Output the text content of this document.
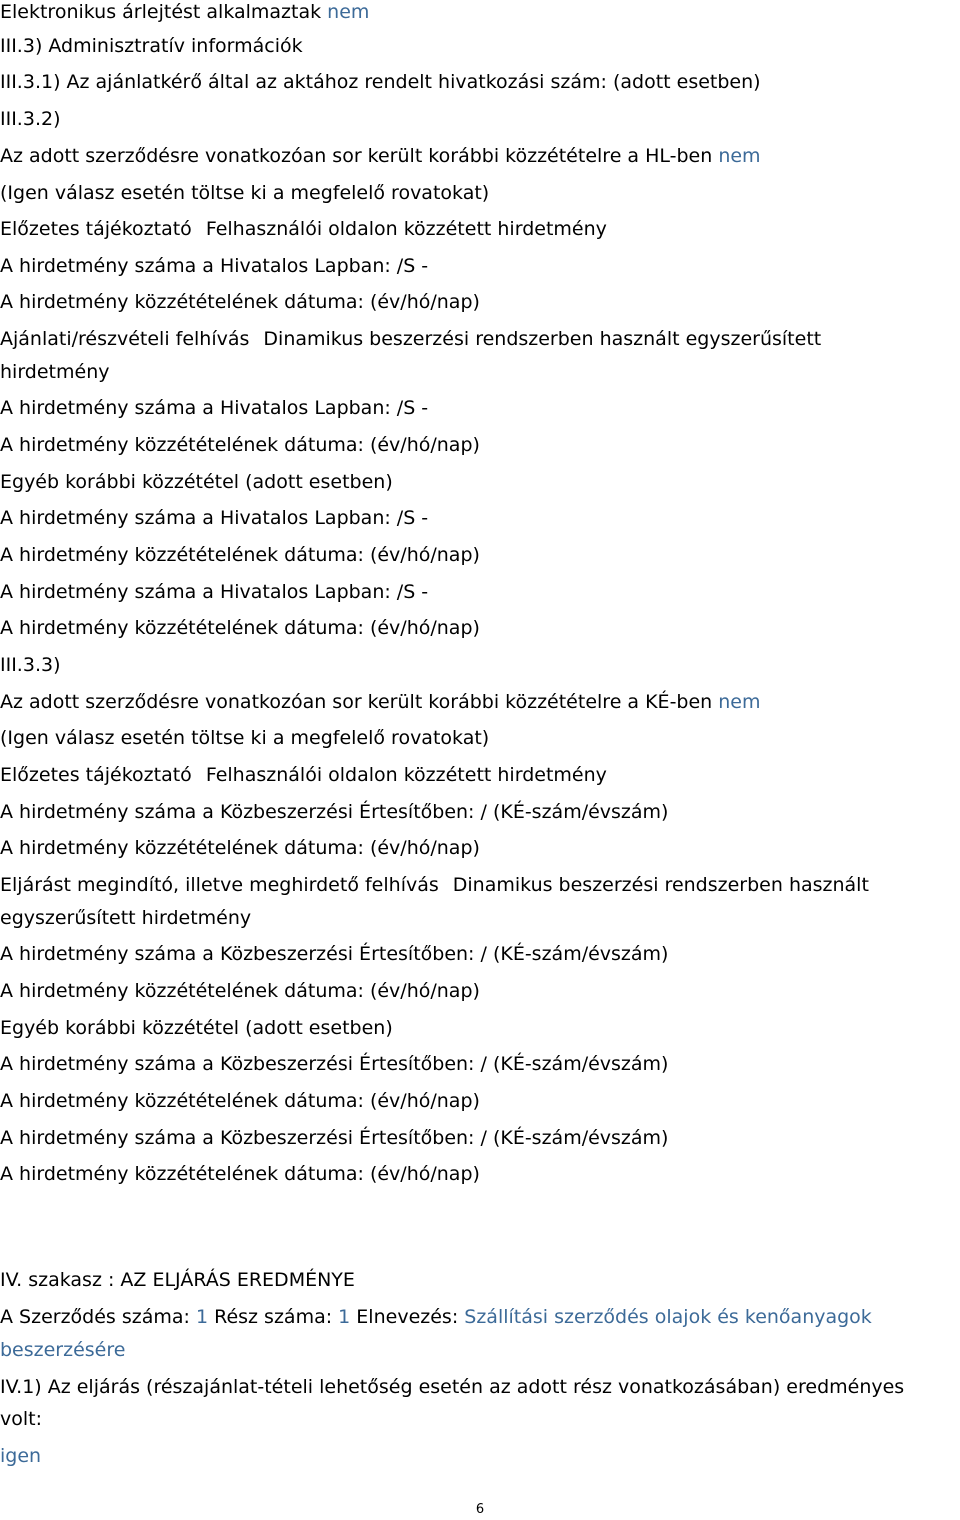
Elektronikus árlejtést alkalmaztak nem

III.3) Adminisztratív információk

III.3.1) Az ajánlatkérő által az aktához rendelt hivatkozási szám: (adott esetben)

III.3.2)

Az adott szerződésre vonatkozóan sor került korábbi közzétételre a HL-ben nem

(Igen válasz esetén töltse ki a megfelelő rovatokat)

Előzetes tájékoztató Felhasználói oldalon közzétett hirdetmény

A hirdetmény száma a Hivatalos Lapban: /S -

A hirdetmény közzétételének dátuma: (év/hó/nap)

Ajánlati/részvételi felhívás Dinamikus beszerzési rendszerben használt egyszerűsített

hirdetmény

A hirdetmény száma a Hivatalos Lapban: /S -

A hirdetmény közzétételének dátuma: (év/hó/nap)

Egyéb korábbi közzététel (adott esetben)

A hirdetmény száma a Hivatalos Lapban: /S -

A hirdetmény közzétételének dátuma: (év/hó/nap)

A hirdetmény száma a Hivatalos Lapban: /S -

A hirdetmény közzétételének dátuma: (év/hó/nap)

III.3.3)

Az adott szerződésre vonatkozóan sor került korábbi közzétételre a KÉ-ben nem

(Igen válasz esetén töltse ki a megfelelő rovatokat)

Előzetes tájékoztató Felhasználói oldalon közzétett hirdetmény

A hirdetmény száma a Közbeszerzési Értesítőben: / (KÉ-szám/évszám)

A hirdetmény közzétételének dátuma: (év/hó/nap)

Eljárást megindító, illetve meghirdető felhívás Dinamikus beszerzési rendszerben használt

egyszerűsített hirdetmény

A hirdetmény száma a Közbeszerzési Értesítőben: / (KÉ-szám/évszám)

A hirdetmény közzétételének dátuma: (év/hó/nap)

Egyéb korábbi közzététel (adott esetben)

A hirdetmény száma a Közbeszerzési Értesítőben: / (KÉ-szám/évszám)

A hirdetmény közzétételének dátuma: (év/hó/nap)

A hirdetmény száma a Közbeszerzési Értesítőben: / (KÉ-szám/évszám)

A hirdetmény közzétételének dátuma: (év/hó/nap)

IV. szakasz : AZ ELJÁRÁS EREDMÉNYE

A Szerződés száma: 1 Rész száma: 1 Elnevezés: Szállítási szerződés olajok és kenőanyagok

beszerzésére

IV.1) Az eljárás (részajánlat-tételi lehetőség esetén az adott rész vonatkozásában) eredményes

volt:

igen

6
